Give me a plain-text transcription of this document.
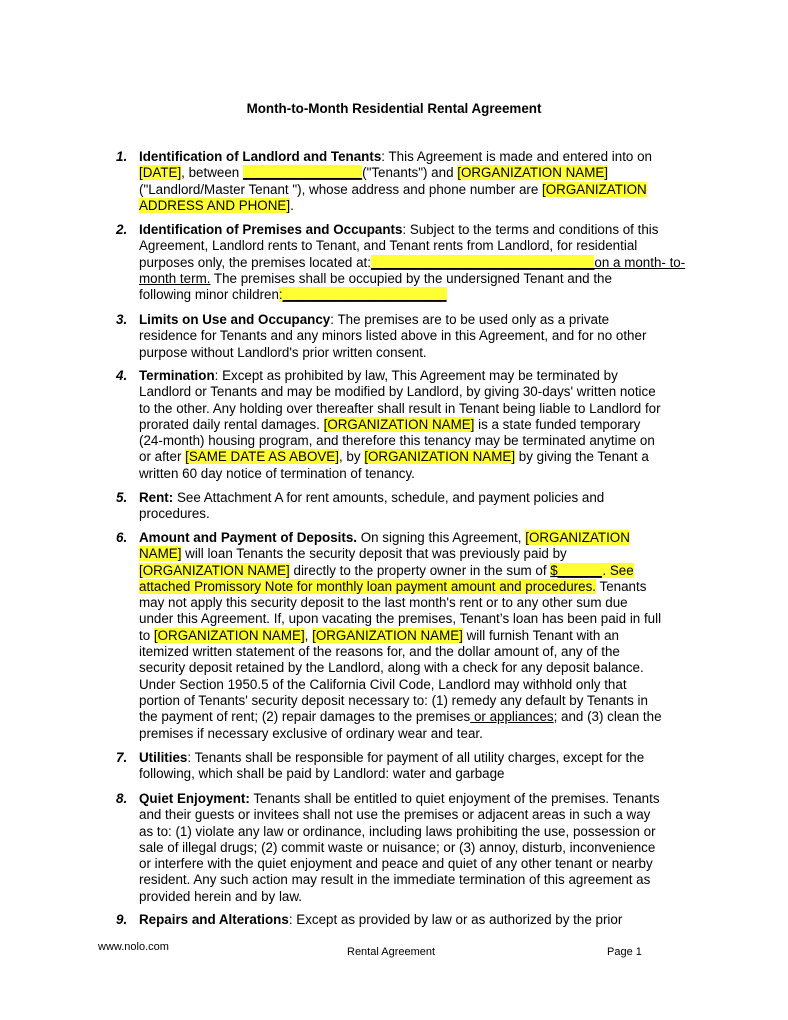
Month-to-Month Residential Rental Agreement
1. Identification of Landlord and Tenants: This Agreement is made and entered into on
[DATE], between ________________("Tenants") and [ORGANIZATION NAME]
("Landlord/Master Tenant "), whose address and phone number are [ORGANIZATION
ADDRESS AND PHONE].
2. Identification of Premises and Occupants: Subject to the terms and conditions of this
Agreement, Landlord rents to Tenant, and Tenant rents from Landlord, for residential
purposes only, the premises located at:______________________________on a month- to-
month term. The premises shall be occupied by the undersigned Tenant and the
following minor children:______________________
3. Limits on Use and Occupancy: The premises are to be used only as a private
residence for Tenants and any minors listed above in this Agreement, and for no other
purpose without Landlord's prior written consent.
4. Termination: Except as prohibited by law, This Agreement may be terminated by
Landlord or Tenants and may be modified by Landlord, by giving 30-days' written notice
to the other. Any holding over thereafter shall result in Tenant being liable to Landlord for
prorated daily rental damages. [ORGANIZATION NAME] is a state funded temporary
(24-month) housing program, and therefore this tenancy may be terminated anytime on
or after [SAME DATE AS ABOVE], by [ORGANIZATION NAME] by giving the Tenant a
written 60 day notice of termination of tenancy.
5. Rent: See Attachment A for rent amounts, schedule, and payment policies and
procedures.
6. Amount and Payment of Deposits. On signing this Agreement, [ORGANIZATION
NAME] will loan Tenants the security deposit that was previously paid by
[ORGANIZATION NAME] directly to the property owner in the sum of $______. See
attached Promissory Note for monthly loan payment amount and procedures. Tenants
may not apply this security deposit to the last month's rent or to any other sum due
under this Agreement. If, upon vacating the premises, Tenant’s loan has been paid in full
to [ORGANIZATION NAME], [ORGANIZATION NAME] will furnish Tenant with an
itemized written statement of the reasons for, and the dollar amount of, any of the
security deposit retained by the Landlord, along with a check for any deposit balance.
Under Section 1950.5 of the California Civil Code, Landlord may withhold only that
portion of Tenants' security deposit necessary to: (1) remedy any default by Tenants in
the payment of rent; (2) repair damages to the premises or appliances; and (3) clean the
premises if necessary exclusive of ordinary wear and tear.
7. Utilities: Tenants shall be responsible for payment of all utility charges, except for the
following, which shall be paid by Landlord: water and garbage
8. Quiet Enjoyment: Tenants shall be entitled to quiet enjoyment of the premises. Tenants
and their guests or invitees shall not use the premises or adjacent areas in such a way
as to: (1) violate any law or ordinance, including laws prohibiting the use, possession or
sale of illegal drugs; (2) commit waste or nuisance; or (3) annoy, disturb, inconvenience
or interfere with the quiet enjoyment and peace and quiet of any other tenant or nearby
resident. Any such action may result in the immediate termination of this agreement as
provided herein and by law.
9. Repairs and Alterations: Except as provided by law or as authorized by the prior
www.nolo.com	Rental Agreement	Page 1
